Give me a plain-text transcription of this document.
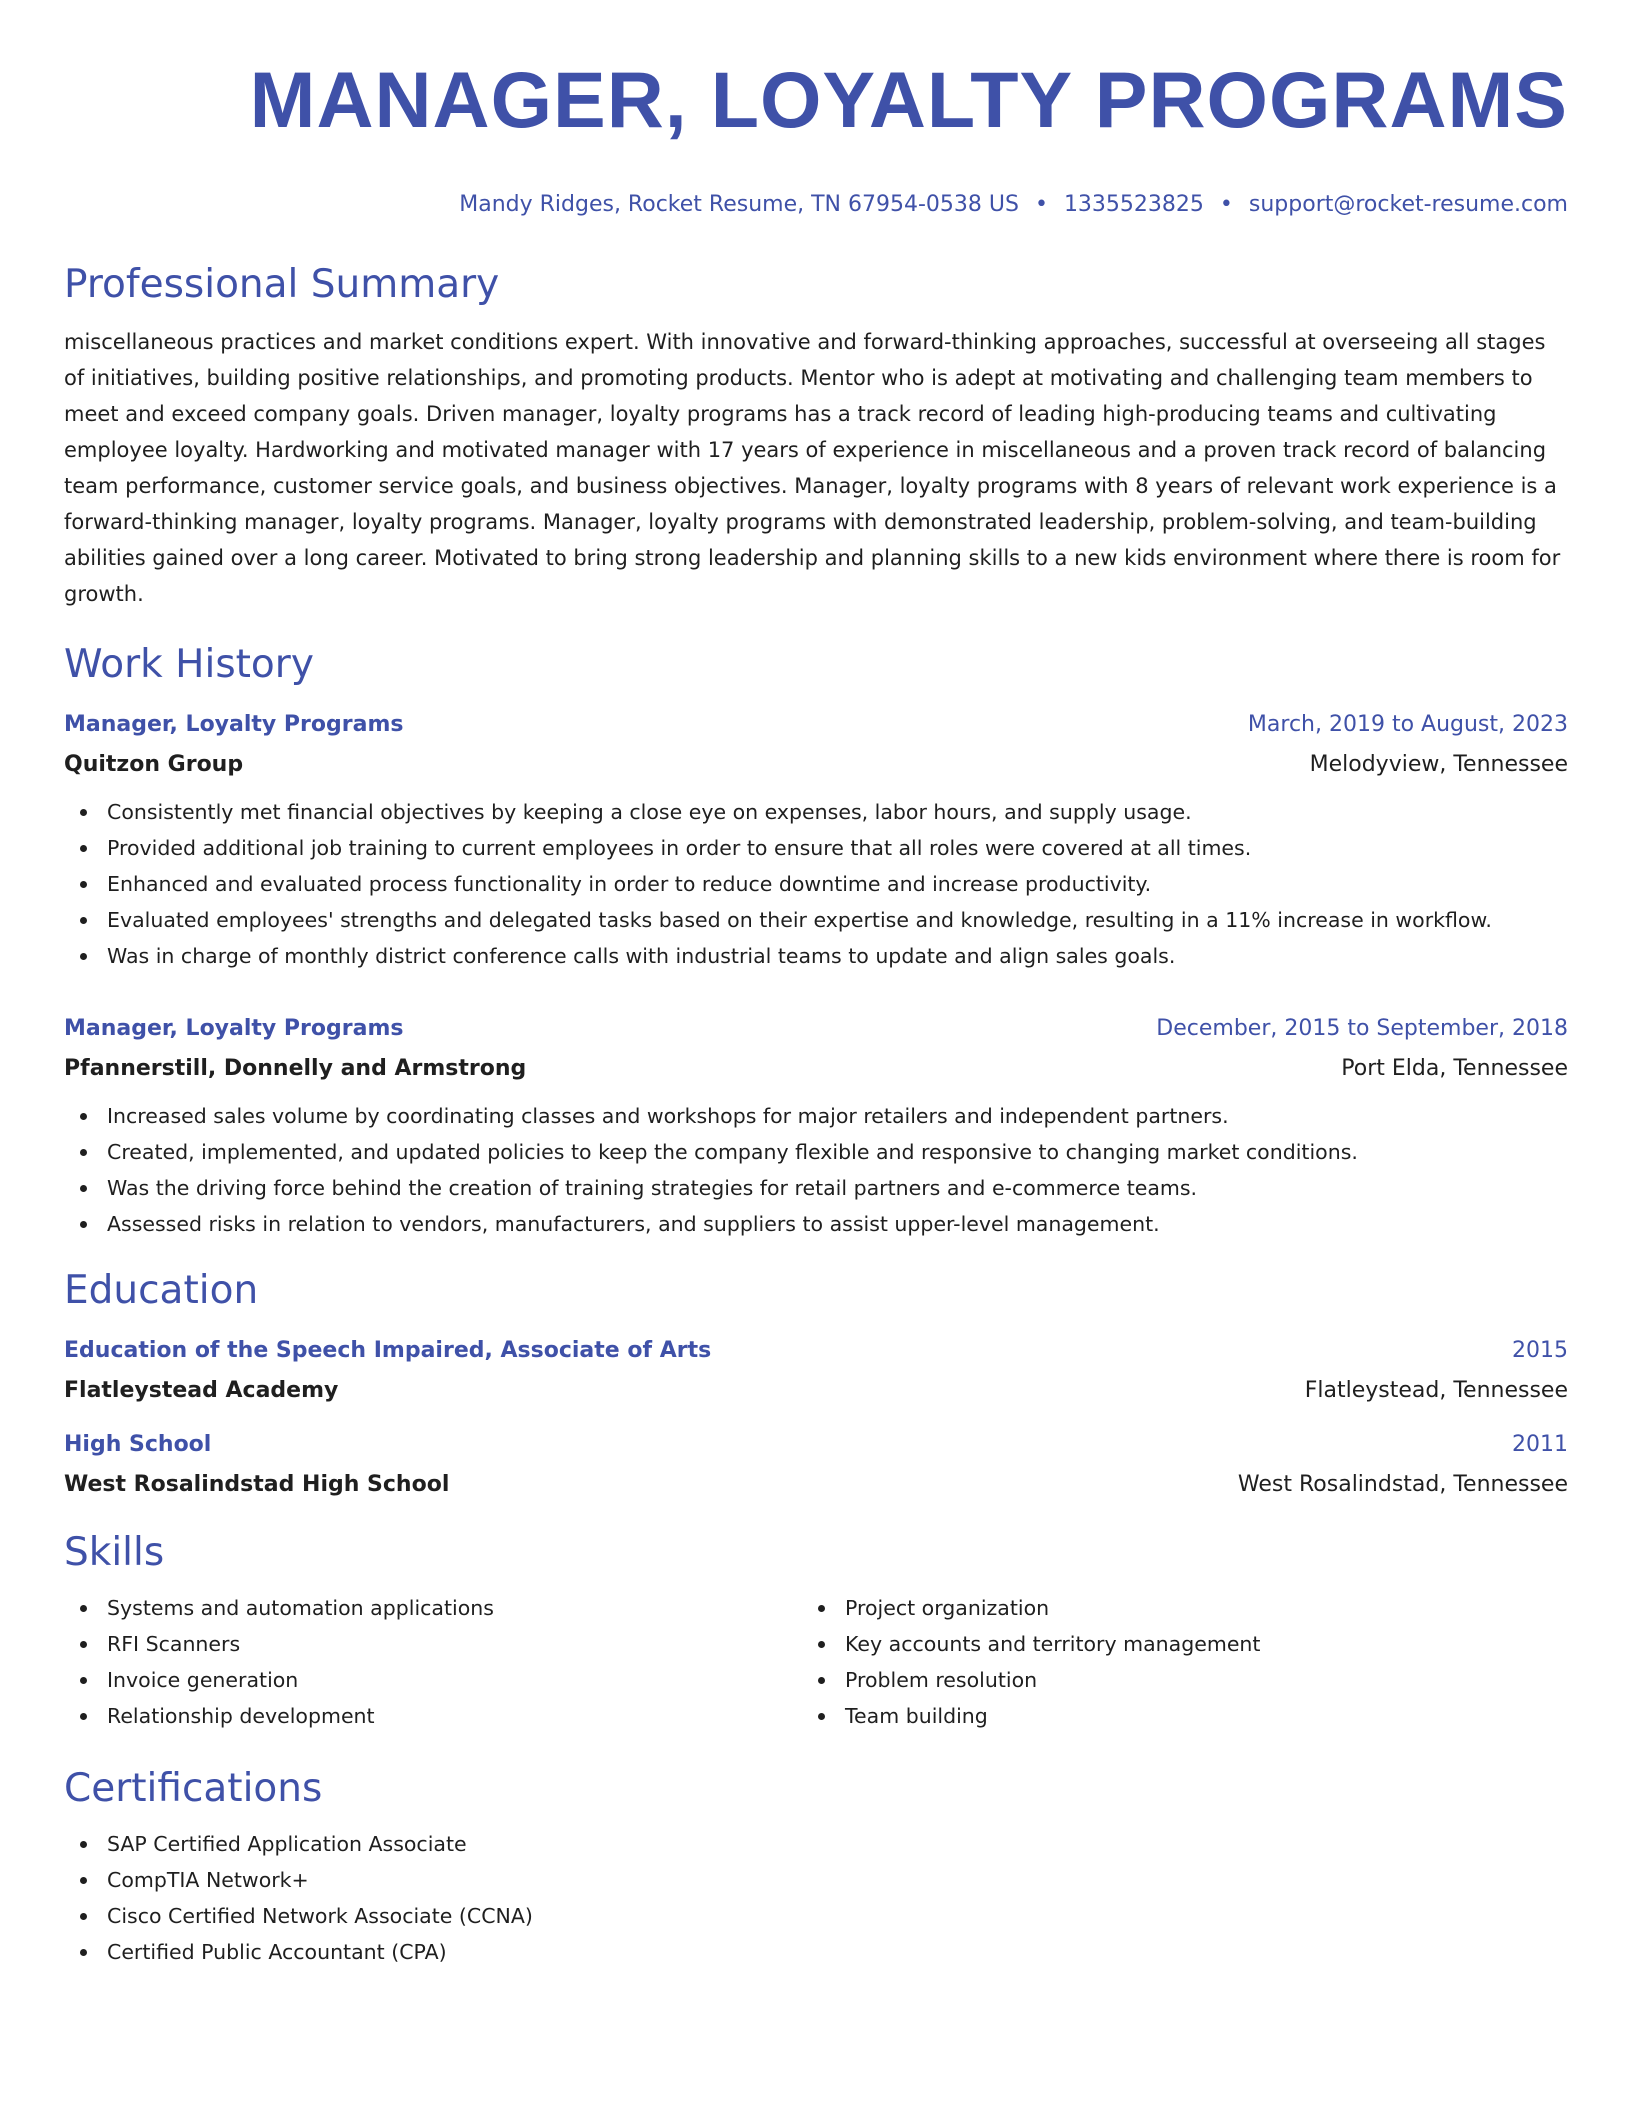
MANAGER, LOYALTY PROGRAMS
Mandy Ridges, Rocket Resume, TN 67954-0538 US • 1335523825 • support@rocket-resume.com
Professional Summary
miscellaneous practices and market conditions expert. With innovative and forward-thinking approaches, successful at overseeing all stages of initiatives, building positive relationships, and promoting products. Mentor who is adept at motivating and challenging team members to meet and exceed company goals. Driven manager, loyalty programs has a track record of leading high-producing teams and cultivating employee loyalty. Hardworking and motivated manager with 17 years of experience in miscellaneous and a proven track record of balancing team performance, customer service goals, and business objectives. Manager, loyalty programs with 8 years of relevant work experience is a forward-thinking manager, loyalty programs. Manager, loyalty programs with demonstrated leadership, problem-solving, and team-building abilities gained over a long career. Motivated to bring strong leadership and planning skills to a new kids environment where there is room for growth.
Work History
Manager, Loyalty Programs	March, 2019 to August, 2023
Quitzon Group	Melodyview, Tennessee
Consistently met financial objectives by keeping a close eye on expenses, labor hours, and supply usage.
Provided additional job training to current employees in order to ensure that all roles were covered at all times.
Enhanced and evaluated process functionality in order to reduce downtime and increase productivity.
Evaluated employees' strengths and delegated tasks based on their expertise and knowledge, resulting in a 11% increase in workflow.
Was in charge of monthly district conference calls with industrial teams to update and align sales goals.
Manager, Loyalty Programs	December, 2015 to September, 2018
Pfannerstill, Donnelly and Armstrong	Port Elda, Tennessee
Increased sales volume by coordinating classes and workshops for major retailers and independent partners.
Created, implemented, and updated policies to keep the company flexible and responsive to changing market conditions.
Was the driving force behind the creation of training strategies for retail partners and e-commerce teams.
Assessed risks in relation to vendors, manufacturers, and suppliers to assist upper-level management.
Education
Education of the Speech Impaired, Associate of Arts	2015
Flatleystead Academy	Flatleystead, Tennessee
High School	2011
West Rosalindstad High School	West Rosalindstad, Tennessee
Skills
Systems and automation applications
RFI Scanners
Invoice generation
Relationship development
Project organization
Key accounts and territory management
Problem resolution
Team building
Certifications
SAP Certified Application Associate
CompTIA Network+
Cisco Certified Network Associate (CCNA)
Certified Public Accountant (CPA)
